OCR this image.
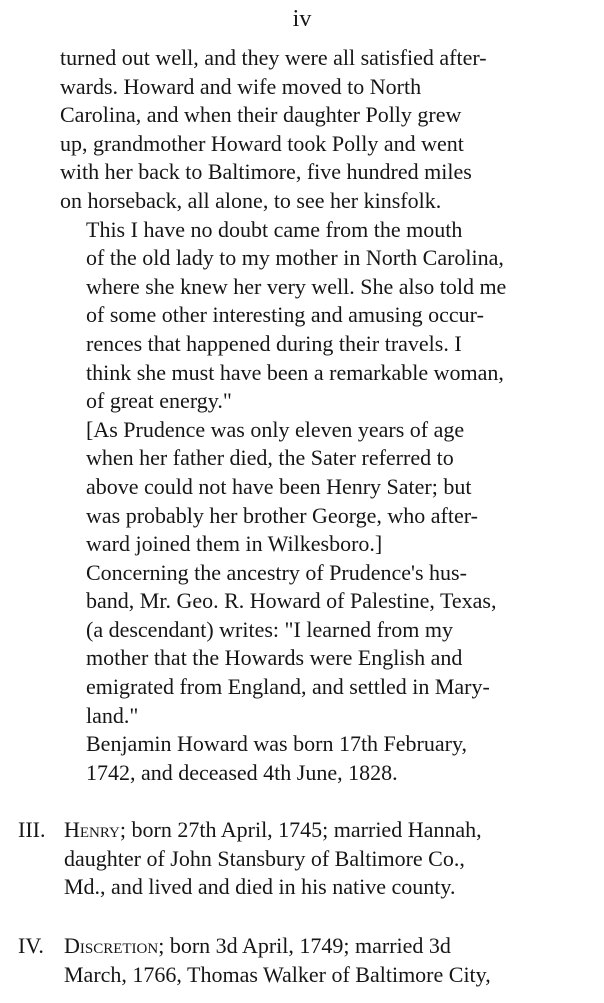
iv

turned out well, and they were all satisfied after-
wards. Howard and wife moved to North
Carolina, and when their daughter Polly grew
up, grandmother Howard took Polly and went
with her back to Baltimore, five hundred miles
on horseback, all alone, to see her kinsfolk.

This I have no doubt came from the mouth
of the old lady to my mother in North Carolina,
where she knew her very well. She also told me
of some other interesting and amusing occur-
rences that happened during their travels. I
think she must have been a remarkable woman,
of great energy."

[As Prudence was only eleven years of age
when her father died, the Sater referred to
above could not have been Henry Sater; but
was probably her brother George, who after-
ward joined them in Wilkesboro.]

Concerning the ancestry of Prudence's hus-
band, Mr. Geo. R. Howard of Palestine, Texas,
(a descendant) writes: "I learned from my
mother that the Howards were English and
emigrated from England, and settled in Mary-
land."

Benjamin Howard was born 17th February,
1742, and deceased 4th June, 1828.

III. Henry; born 27th April, 1745; married Hannah,
daughter of John Stansbury of Baltimore Co.,
Md., and lived and died in his native county.
IV. Discretion; born 3d April, 1749; married 3d
March, 1766, Thomas Walker of Baltimore City,
